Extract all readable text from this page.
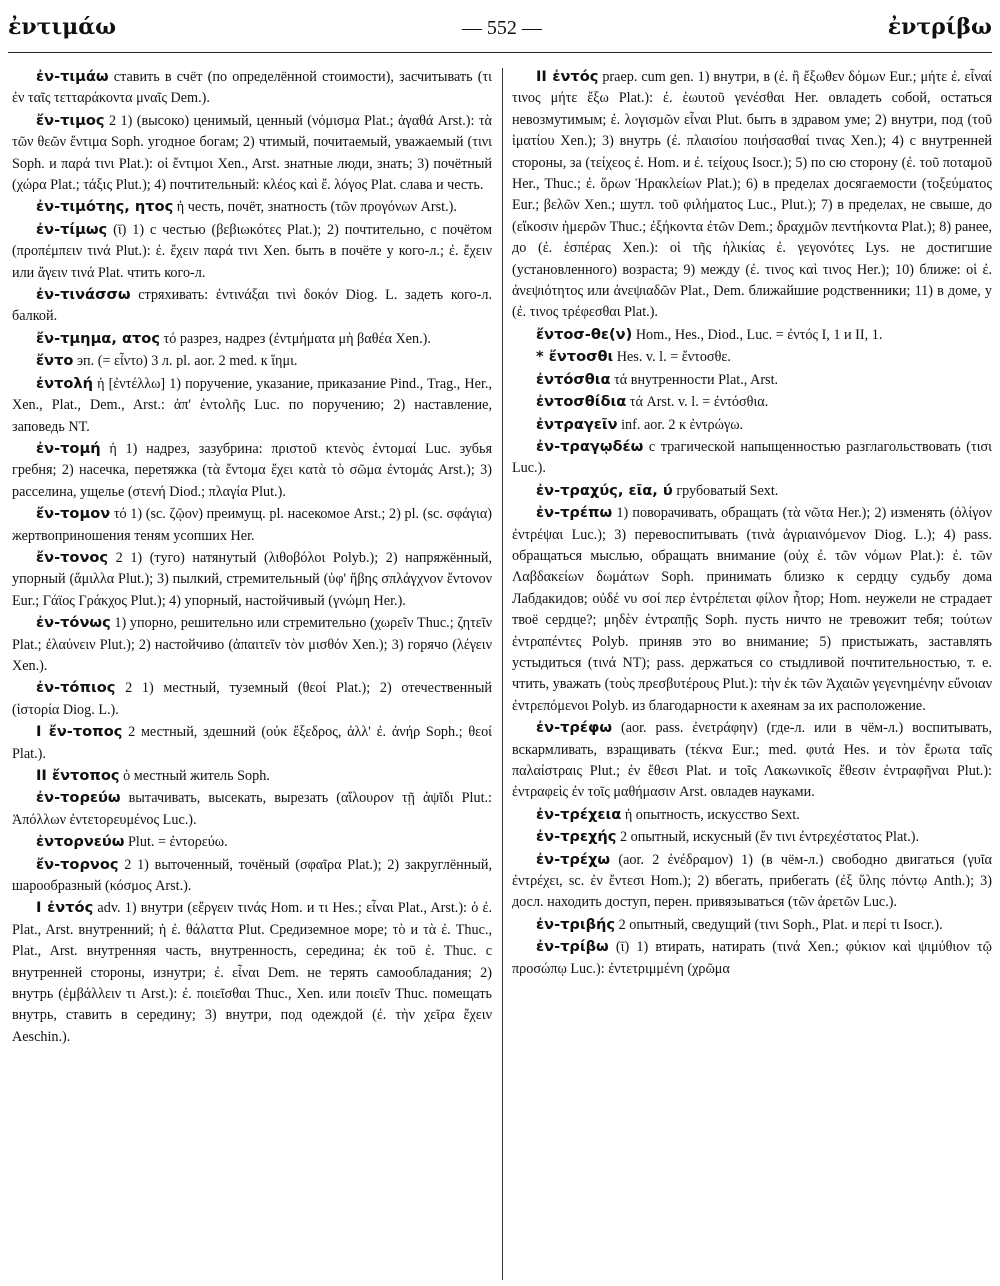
ἐντιμάω	— 552 —	ἐντρίβω

ἐν-τιμάω ставить в счёт (по определённой стоимости), засчитывать (τι ἐν ταῖς τετταράκοντα μναῖς Dem.).

ἔν-τιμος 2 1) (высоко) ценимый, ценный (νόμισμα Plat.; ἀγαθά Arst.): τὰ τῶν θεῶν ἔντιμα Soph. угодное богам; 2) чтимый, почитаемый, уважаемый (τινι Soph. и παρά τινι Plat.): οἱ ἔντιμοι Xen., Arst. знатные люди, знать; 3) почётный (χώρα Plat.; τάξις Plut.); 4) почтительный: κλέος καὶ ἔ. λόγος Plat. слава и честь.

ἐν-τιμότης, ητος ἡ честь, почёт, знатность (τῶν προγόνων Arst.).

ἐν-τίμως (ῑ) 1) с честью (βεβιωκότες Plat.); 2) почтительно, с почётом (προπέμπειν τινά Plut.): ἐ. ἔχειν παρά τινι Xen. быть в почёте у кого-л.; ἐ. ἔχειν или ἄγειν τινά Plat. чтить кого-л.

ἐν-τινάσσω стряхивать: ἐντινάξαι τινὶ δοκόν Diog. L. задеть кого-л. балкой.

ἔν-τμημα, ατος τό разрез, надрез (ἐντμήματα μὴ βαθέα Xen.).

ἔντο эп. (= εἶντο) 3 л. pl. aor. 2 med. к ἵημι.

ἐντολή ἡ [ἐντέλλω] 1) поручение, указание, приказание Pind., Trag., Her., Xen., Plat., Dem., Arst.: ἀπ' ἐντολῆς Luc. по поручению; 2) наставление, заповедь NT.

ἐν-τομή ἡ 1) надрез, зазубрина: πριστοῦ κτενὸς ἐντομαί Luc. зубья гребня; 2) насечка, перетяжка (τὰ ἔντομα ἔχει κατὰ τὸ σῶμα ἐντομάς Arst.); 3) расселина, ущелье (στενή Diod.; πλαγία Plut.).

ἔν-τομον τό 1) (sc. ζῷον) преимущ. pl. насекомое Arst.; 2) pl. (sc. σφάγια) жертвоприношения теням усопших Her.

ἔν-τονος 2 1) (туго) натянутый (λιθοβόλοι Polyb.); 2) напряжённый, упорный (ἅμιλλα Plut.); 3) пылкий, стремительный (ὑφ' ἥβης σπλάγχνον ἔντονον Eur.; Γάϊος Γράκχος Plut.); 4) упорный, настойчивый (γνώμη Her.).

ἐν-τόνως 1) упорно, решительно или стремительно (χωρεῖν Thuc.; ζητεῖν Plat.; ἐλαύνειν Plut.); 2) настойчиво (ἀπαιτεῖν τὸν μισθόν Xen.); 3) горячо (λέγειν Xen.).

ἐν-τόπιος 2 1) местный, туземный (θεοί Plat.); 2) отечественный (ἱστορία Diog. L.).

I ἔν-τοπος 2 местный, здешний (οὐκ ἔξεδρος, ἀλλ' ἐ. ἀνήρ Soph.; θεοί Plat.).

II ἔντοπος ὁ местный житель Soph.

ἐν-τορεύω вытачивать, высекать, вырезать (αἴλουρον τῇ ἀψῖδι Plut.: Ἀπόλλων ἐντετορευμένος Luc.).

ἐντορνεύω Plut. = ἐντορεύω.

ἔν-τορνος 2 1) выточенный, точёный (σφαῖρα Plat.); 2) закруглённый, шарообразный (κόσμος Arst.).

I ἐντός adv. 1) внутри (εἔργειν τινάς Hom. и τι Hes.; εἶναι Plat., Arst.): ὁ ἐ. Plat., Arst. внутренний; ἡ ἐ. θάλαττα Plut. Средиземное море; τὸ и τὰ ἐ. Thuc., Plat., Arst. внутренняя часть, внутренность, середина; ἐκ τοῦ ἐ. Thuc. с внутренней стороны, изнутри; ἐ. εἶναι Dem. не терять самообладания; 2) внутрь (ἐμβάλλειν τι Arst.): ἐ. ποιεῖσθαι Thuc., Xen. или ποιεῖν Thuc. помещать внутрь, ставить в середину; 3) внутри, под одеждой (ἐ. τὴν χεῖρα ἔχειν Aeschin.).

II ἐντός praep. cum gen. 1) внутри, в (ἐ. ἢ ἔξωθεν δόμων Eur.; μήτε ἐ. εἶναί τινος μήτε ἔξω Plat.): ἐ. ἑωυτοῦ γενέσθαι Her. овладеть собой, остаться невозмутимым; ἐ. λογισμῶν εἶναι Plut. быть в здравом уме; 2) внутри, под (τοῦ ἱματίου Xen.); 3) внутрь (ἐ. πλαισίου ποιήσασθαί τινας Xen.); 4) с внутренней стороны, за (τείχεος ἐ. Hom. и ἐ. τείχους Isocr.); 5) по сю сторону (ἐ. τοῦ ποταμοῦ Her., Thuc.; ἐ. ὅρων Ἡρακλείων Plat.); 6) в пределах досягаемости (τοξεύματος Eur.; βελῶν Xen.; шутл. τοῦ φιλήματος Luc., Plut.); 7) в пределах, не свыше, до (εἴκοσιν ἡμερῶν Thuc.; ἐξήκοντα ἐτῶν Dem.; δραχμῶν πεντήκοντα Plat.); 8) ранее, до (ἐ. ἑσπέρας Xen.): οἱ τῆς ἡλικίας ἐ. γεγονότες Lys. не достигшие (установленного) возраста; 9) между (ἐ. τινος καὶ τινος Her.); 10) ближе: οἱ ἐ. ἀνεψιότητος или ἀνεψιαδῶν Plat., Dem. ближайшие родственники; 11) в доме, у (ἐ. τινος τρέφεσθαι Plat.).

ἔντοσ-θε(ν) Hom., Hes., Diod., Luc. = ἐντός I, 1 и II, 1.

* ἔντοσθι Hes. v. l. = ἔντοσθε.

ἐντόσθια τά внутренности Plat., Arst.

ἐντοσθίδια τά Arst. v. l. = ἐντόσθια.

ἐντραγεῖν inf. aor. 2 к ἐντρώγω.

ἐν-τραγῳδέω с трагической напыщенностью разглагольствовать (τισι Luc.).

ἐν-τραχύς, εῖα, ύ грубоватый Sext.

ἐν-τρέπω 1) поворачивать, обращать (τὰ νῶτα Her.); 2) изменять (ὀλίγον ἐντρέψαι Luc.); 3) перевоспитывать (τινὰ ἀγριαινόμενον Diog. L.); 4) pass. обращаться мыслью, обращать внимание (οὐχ ἐ. τῶν νόμων Plat.): ἐ. τῶν Λαβδακείων δωμάτων Soph. принимать близко к сердцу судьбу дома Лабдакидов; οὐδέ νυ σοί περ ἐντρέπεται φίλον ἦτορ; Hom. неужели не страдает твоё сердце?; μηδὲν ἐντραπῇς Soph. пусть ничто не тревожит тебя; τούτων ἐντραπέντες Polyb. приняв это во внимание; 5) пристыжать, заставлять устыдиться (τινά NT); pass. держаться со стыдливой почтительностью, т. е. чтить, уважать (τοὺς πρεσβυτέρους Plut.): τὴν ἐκ τῶν Ἀχαιῶν γεγενημένην εὔνοιαν ἐντρεπόμενοι Polyb. из благодарности к ахеянам за их расположение.

ἐν-τρέφω (aor. pass. ἐνετράφην) (где-л. или в чём-л.) воспитывать, вскармливать, взращивать (τέκνα Eur.; med. φυτά Hes. и τὸν ἔρωτα ταῖς παλαίστραις Plut.; ἐν ἔθεσι Plat. и τοῖς Λακωνικοῖς ἔθεσιν ἐντραφῆναι Plut.): ἐντραφεὶς ἐν τοῖς μαθήμασιν Arst. овладев науками.

ἐν-τρέχεια ἡ опытность, искусство Sext.

ἐν-τρεχής 2 опытный, искусный (ἔν τινι ἐντρεχέστατος Plat.).

ἐν-τρέχω (aor. 2 ἐνέδραμον) 1) (в чём-л.) свободно двигаться (γυῖα ἐντρέχει, sc. ἐν ἔντεσι Hom.); 2) вбегать, прибегать (ἐξ ὕλης πόντῳ Anth.); 3) досл. находить доступ, перен. привязываться (τῶν ἀρετῶν Luc.).

ἐν-τριβής 2 опытный, сведущий (τινι Soph., Plat. и περί τι Isocr.).

ἐν-τρίβω (ῑ) 1) втирать, натирать (τινά Xen.; φύκιον καὶ ψιμύθιον τῷ προσώπῳ Luc.): ἐντετριμμένη (χρῶμα
